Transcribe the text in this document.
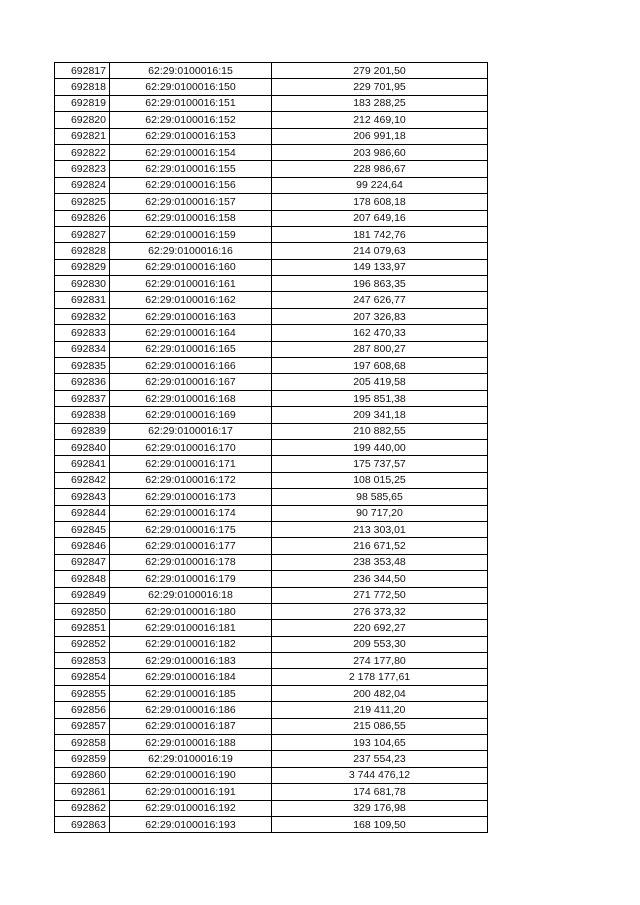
692817	62:29:0100016:15	279 201,50
692818	62:29:0100016:150	229 701,95
692819	62:29:0100016:151	183 288,25
692820	62:29:0100016:152	212 469,10
692821	62:29:0100016:153	206 991,18
692822	62:29:0100016:154	203 986,60
692823	62:29:0100016:155	228 986,67
692824	62:29:0100016:156	99 224,64
692825	62:29:0100016:157	178 608,18
692826	62:29:0100016:158	207 649,16
692827	62:29:0100016:159	181 742,76
692828	62:29:0100016:16	214 079,63
692829	62:29:0100016:160	149 133,97
692830	62:29:0100016:161	196 863,35
692831	62:29:0100016:162	247 626,77
692832	62:29:0100016:163	207 326,83
692833	62:29:0100016:164	162 470,33
692834	62:29:0100016:165	287 800,27
692835	62:29:0100016:166	197 608,68
692836	62:29:0100016:167	205 419,58
692837	62:29:0100016:168	195 851,38
692838	62:29:0100016:169	209 341,18
692839	62:29:0100016:17	210 882,55
692840	62:29:0100016:170	199 440,00
692841	62:29:0100016:171	175 737,57
692842	62:29:0100016:172	108 015,25
692843	62:29:0100016:173	98 585,65
692844	62:29:0100016:174	90 717,20
692845	62:29:0100016:175	213 303,01
692846	62:29:0100016:177	216 671,52
692847	62:29:0100016:178	238 353,48
692848	62:29:0100016:179	236 344,50
692849	62:29:0100016:18	271 772,50
692850	62:29:0100016:180	276 373,32
692851	62:29:0100016:181	220 692,27
692852	62:29:0100016:182	209 553,30
692853	62:29:0100016:183	274 177,80
692854	62:29:0100016:184	2 178 177,61
692855	62:29:0100016:185	200 482,04
692856	62:29:0100016:186	219 411,20
692857	62:29:0100016:187	215 086,55
692858	62:29:0100016:188	193 104,65
692859	62:29:0100016:19	237 554,23
692860	62:29:0100016:190	3 744 476,12
692861	62:29:0100016:191	174 681,78
692862	62:29:0100016:192	329 176,98
692863	62:29:0100016:193	168 109,50
